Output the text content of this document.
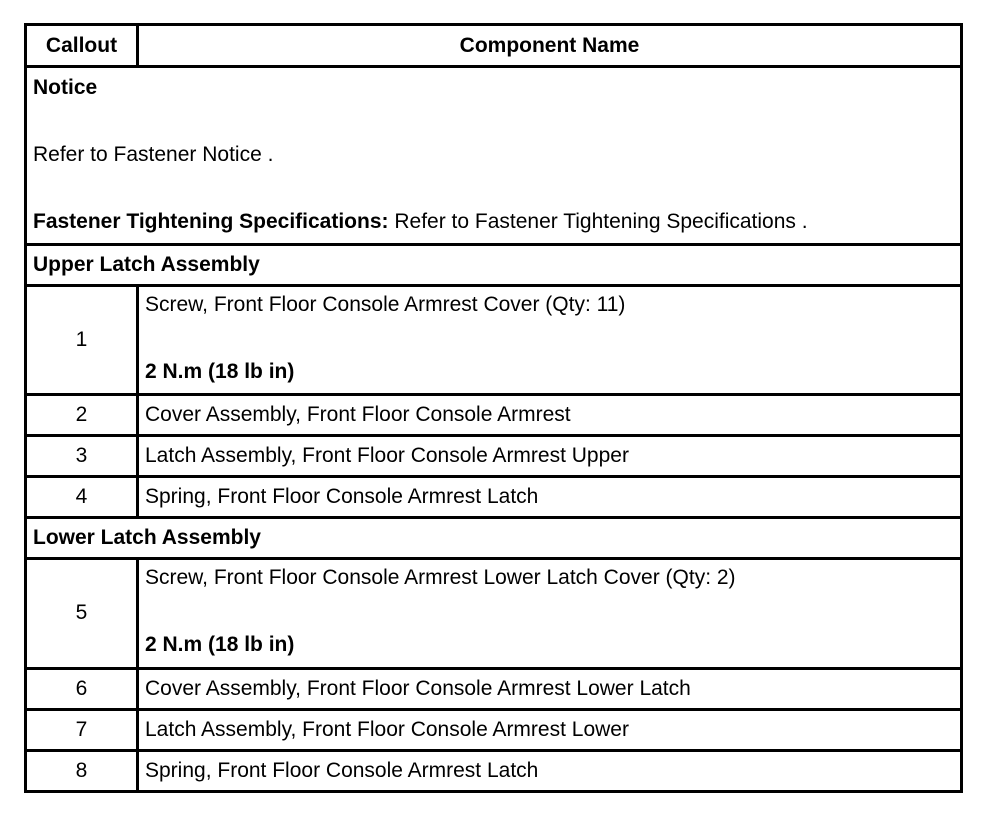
Callout	Component Name

Notice
Refer to Fastener Notice .
Fastener Tightening Specifications: Refer to Fastener Tightening Specifications .	

Upper Latch Assembly	
1	Screw, Front Floor Console Armrest Cover (Qty: 11)
2 N.m (18 lb in)

2	Cover Assembly, Front Floor Console Armrest
3	Latch Assembly, Front Floor Console Armrest Upper
4	Spring, Front Floor Console Armrest Latch
Lower Latch Assembly	
5	Screw, Front Floor Console Armrest Lower Latch Cover (Qty: 2)
2 N.m (18 lb in)

6	Cover Assembly, Front Floor Console Armrest Lower Latch
7	Latch Assembly, Front Floor Console Armrest Lower
8	Spring, Front Floor Console Armrest Latch
